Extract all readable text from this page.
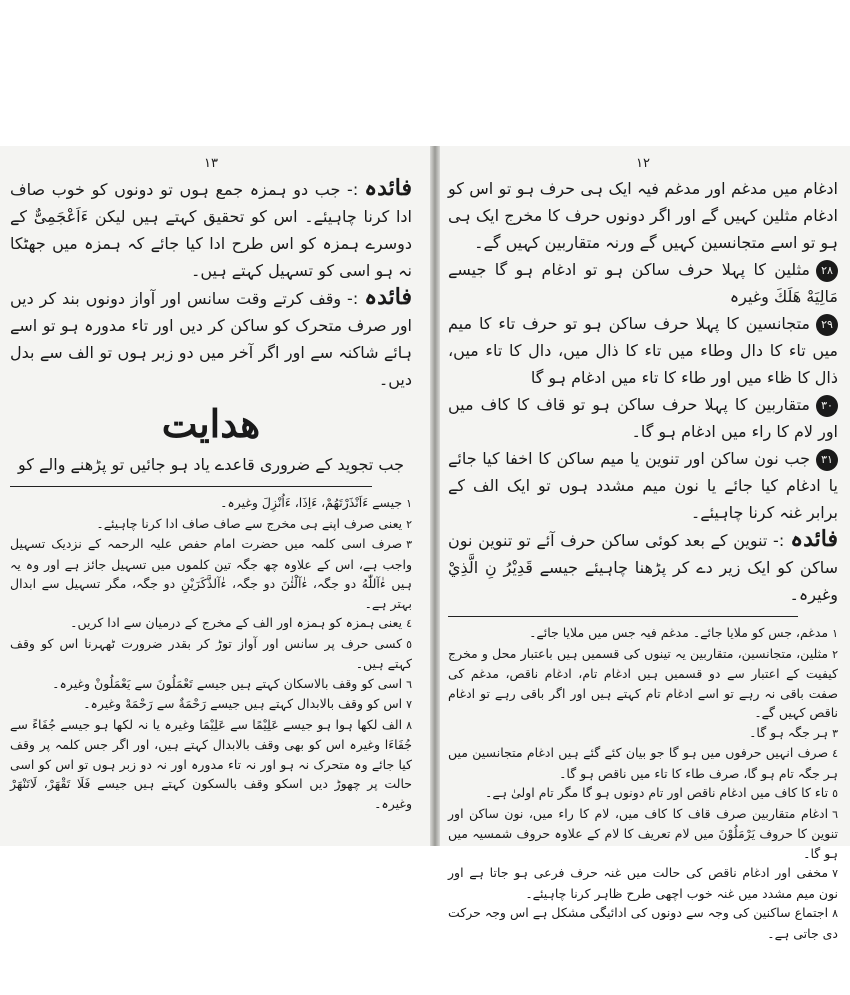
١٣

فائدہ:- جب دو ہمزہ جمع ہوں تو دونوں کو خوب صاف ادا کرنا چاہیئے۔ اس کو تحقیق کہتے ہیں لیکن ءَاَعْجَمِیٌّ کے دوسرے ہمزہ کو اس طرح ادا کیا جائے کہ ہمزہ میں جھٹکا نہ ہو اسی کو تسہیل کہتے ہیں۔

فائدہ:- وقف کرتے وقت سانس اور آواز دونوں بند کر دیں اور صرف متحرک کو ساکن کر دیں اور تاء مدورہ ہو تو اسے ہائے شاکنہ سے اور اگر آخر میں دو زبر ہوں تو الف سے بدل دیں۔

ھدایت

جب تجوید کے ضروری قاعدے یاد ہو جائیں تو پڑھنے والے کو

١جیسے ءَاَنْذَرْتَهُمْ، ءَاِذَا، ءَاُنْزِلَ وغیرہ۔
٢یعنی صرف اپنے ہی مخرج سے صاف صاف ادا کرنا چاہیئے۔
٣صرف اسی کلمہ میں حضرت امام حفص علیہ الرحمہ کے نزدیک تسہیل واجب ہے، اس کے علاوہ چھ جگہ تین کلموں میں تسہیل جائز ہے اور وہ یہ ہیں ءٰآللّٰهُ دو جگہ، ءٰآلْئٰنَ دو جگہ، ءٰآلذَّكَرَيْنِ دو جگہ، مگر تسہیل سے ابدال بہتر ہے۔
٤یعنی ہمزہ کو ہمزہ اور الف کے مخرج کے درمیان سے ادا کریں۔
٥کسی حرف پر سانس اور آواز توڑ کر بقدر ضرورت ٹھہرنا اس کو وقف کہتے ہیں۔
٦اسی کو وقف بالاسکان کہتے ہیں جیسے تَعْمَلُونَ سے يَعْمَلُونْ وغیرہ۔
٧اس کو وقف بالابدال کہتے ہیں جیسے رَحْمَةٌ سے رَحْمَهْ وغیرہ۔
٨الف لکھا ہوا ہو جیسے عَلِيْمًا سے عَلِيْمَا وغیرہ یا نہ لکھا ہو جیسے جُفَاءً سے جُفَاءَا وغیرہ اس کو بھی وقف بالابدال کہتے ہیں، اور اگر جس کلمہ پر وقف کیا جائے وہ متحرک نہ ہو اور نہ تاء مدورہ اور نہ دو زبر ہوں تو اس کو اسی حالت پر چھوڑ دیں اسکو وقف بالسکون کہتے ہیں جیسے فَلَا تَقْهَرْ، لَاتَنْهَرْ وغیرہ۔
١٢

ادغام میں مدغم اور مدغم فیہ ایک ہی حرف ہو تو اس کو ادغام مثلین کہیں گے اور اگر دونوں حرف کا مخرج ایک ہی ہو تو اسے متجانسین کہیں گے ورنہ متقاربین کہیں گے۔

٢٨مثلین کا پہلا حرف ساکن ہو تو ادغام ہو گا جیسے مَالِيَهْ هَلَكَ وغیرہ

٢٩متجانسین کا پہلا حرف ساکن ہو تو حرف تاء کا میم میں تاء کا دال وطاء میں تاء کا ذال میں، دال کا تاء میں، ذال کا ظاء میں اور طاء کا تاء میں ادغام ہو گا

٣٠متقاربین کا پہلا حرف ساکن ہو تو قاف کا کاف میں اور لام کا راء میں ادغام ہو گا۔

٣١جب نون ساکن اور تنوین یا میم ساکن کا اخفا کیا جائے یا ادغام کیا جائے یا نون میم مشدد ہوں تو ایک الف کے برابر غنہ کرنا چاہیئے۔

فائدہ:- تنوین کے بعد کوئی ساکن حرف آئے تو تنوین نون ساکن کو ایک زیر دے کر پڑھنا چاہیئے جیسے قَدِيْرُ نِ الَّذِيْ وغیرہ۔

١مدغم، جس کو ملایا جائے۔ مدغم فیہ جس میں ملایا جائے۔
٢مثلین، متجانسین، متقاربین یہ تینوں کی قسمیں ہیں باعتبار محل و مخرج کیفیت کے اعتبار سے دو قسمیں ہیں ادغام تام، ادغام ناقص، مدغم کی صفت باقی نہ رہے تو اسے ادغام تام کہتے ہیں اور اگر باقی رہے تو ادغام ناقص کہیں گے۔
٣ہر جگہ ہو گا۔
٤صرف انہیں حرفوں میں ہو گا جو بیان کئے گئے ہیں ادغام متجانسین میں ہر جگہ تام ہو گا، صرف طاء کا تاء میں ناقص ہو گا۔
٥تاء کا کاف میں ادغام ناقص اور تام دونوں ہو گا مگر تام اولیٰ ہے۔
٦ادغام متقاربین صرف قاف کا کاف میں، لام کا راء میں، نون ساکن اور تنوین کا حروف یَرْمَلُوْنَ میں لام تعریف کا لام کے علاوہ حروف شمسیہ میں ہو گا۔
٧مخفی اور ادغام ناقص کی حالت میں غنہ حرف فرعی ہو جاتا ہے اور نون میم مشدد میں غنہ خوب اچھی طرح ظاہر کرنا چاہیئے۔
٨اجتماع ساکنین کی وجہ سے دونوں کی ادائیگی مشکل ہے اس وجہ حرکت دی جاتی ہے۔
